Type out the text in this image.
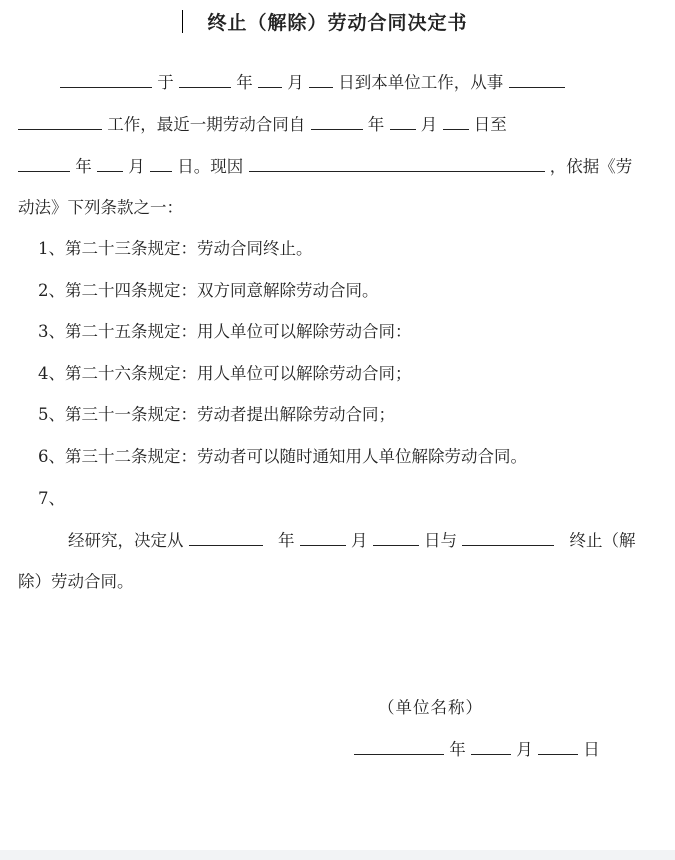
终止（解除）劳动合同决定书
于	年 月 日到本单位工作，从事
工作，最近一期劳动合同自	年 月 日至
年 月 日。现因	，依据《劳
动法》下列条款之一：
1、第二十三条规定：劳动合同终止。
2、第二十四条规定：双方同意解除劳动合同。
3、第二十五条规定：用人单位可以解除劳动合同：
4、第二十六条规定：用人单位可以解除劳动合同；
5、第三十一条规定：劳动者提出解除劳动合同；
6、第三十二条规定：劳动者可以随时通知用人单位解除劳动合同。
7、
经研究，决定从	年	月	日与	终止（解
除）劳动合同。
（单位名称）
年	月	日
